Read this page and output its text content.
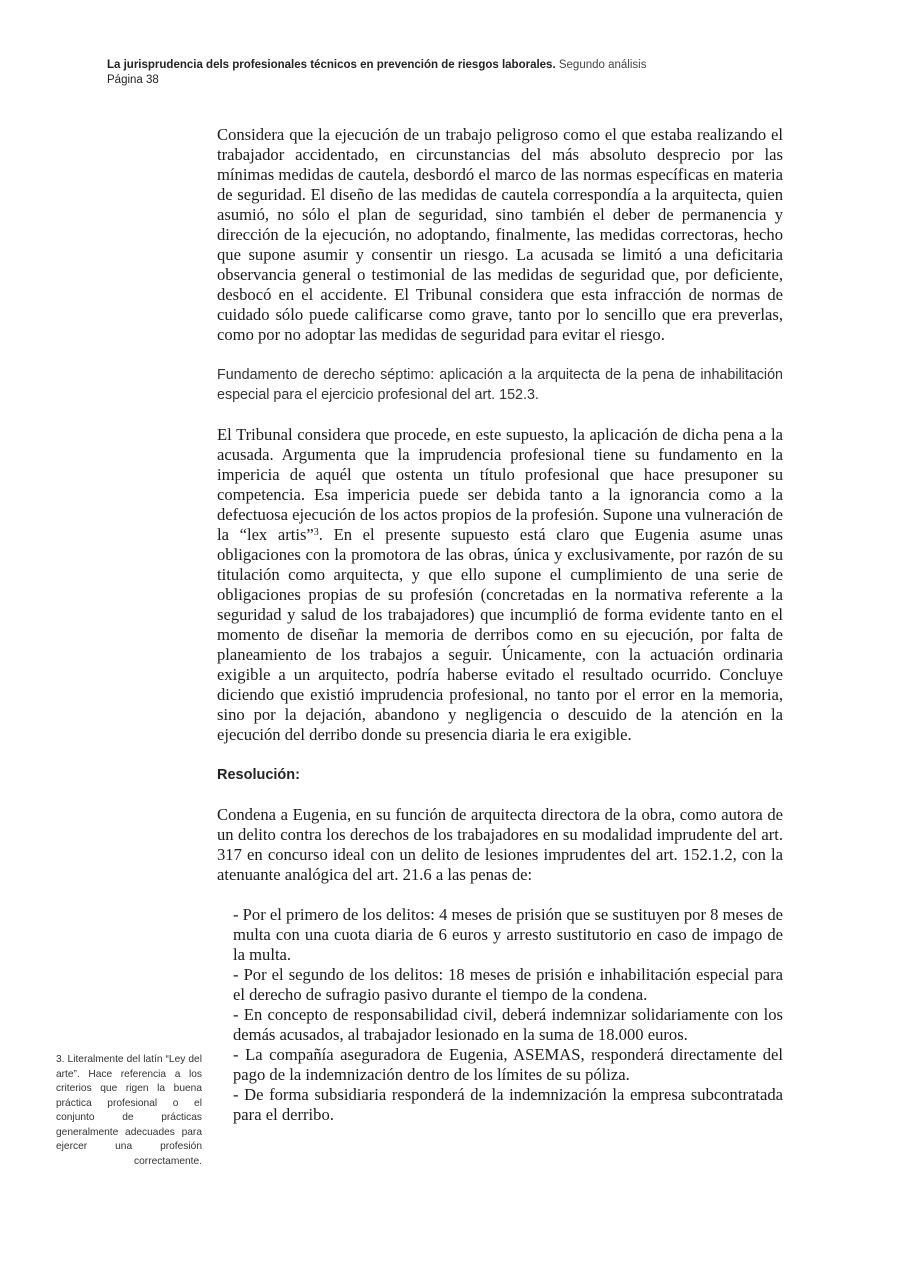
La jurisprudencia dels profesionales técnicos en prevención de riesgos laborales. Segundo análisis
Página 38

Considera que la ejecución de un trabajo peligroso como el que estaba realizando el trabajador accidentado, en circunstancias del más absoluto desprecio por las mínimas medidas de cautela, desbordó el marco de las normas específicas en materia de seguridad. El diseño de las medidas de cautela correspondía a la arquitecta, quien asumió, no sólo el plan de seguridad, sino también el deber de permanencia y dirección de la ejecución, no adoptando, finalmente, las medidas correctoras, hecho que supone asumir y consentir un riesgo. La acusada se limitó a una deficitaria observancia general o testimonial de las medidas de seguridad que, por deficiente, desbocó en el accidente. El Tribunal considera que esta infracción de normas de cuidado sólo puede calificarse como grave, tanto por lo sencillo que era preverlas, como por no adoptar las medidas de seguridad para evitar el riesgo.

Fundamento de derecho séptimo: aplicación a la arquitecta de la pena de inhabilitación especial para el ejercicio profesional del art. 152.3.

El Tribunal considera que procede, en este supuesto, la aplicación de dicha pena a la acusada. Argumenta que la imprudencia profesional tiene su fundamento en la impericia de aquél que ostenta un título profesional que hace presuponer su competencia. Esa impericia puede ser debida tanto a la ignorancia como a la defectuosa ejecución de los actos propios de la profesión. Supone una vulneración de la “lex artis”$^3$. En el presente supuesto está claro que Eugenia asume unas obligaciones con la promotora de las obras, única y exclusivamente, por razón de su titulación como arquitecta, y que ello supone el cumplimiento de una serie de obligaciones propias de su profesión (concretadas en la normativa referente a la seguridad y salud de los trabajadores) que incumplió de forma evidente tanto en el momento de diseñar la memoria de derribos como en su ejecución, por falta de planeamiento de los trabajos a seguir. Únicamente, con la actuación ordinaria exigible a un arquitecto, podría haberse evitado el resultado ocurrido. Concluye diciendo que existió imprudencia profesional, no tanto por el error en la memoria, sino por la dejación, abandono y negligencia o descuido de la atención en la ejecución del derribo donde su presencia diaria le era exigible.

Resolución:

Condena a Eugenia, en su función de arquitecta directora de la obra, como autora de un delito contra los derechos de los trabajadores en su modalidad imprudente del art. 317 en concurso ideal con un delito de lesiones imprudentes del art. 152.1.2, con la atenuante analógica del art. 21.6 a las penas de:

- Por el primero de los delitos: 4 meses de prisión que se sustituyen por 8 meses de multa con una cuota diaria de 6 euros y arresto sustitutorio en caso de impago de la multa.
- Por el segundo de los delitos: 18 meses de prisión e inhabilitación especial para el derecho de sufragio pasivo durante el tiempo de la condena.
- En concepto de responsabilidad civil, deberá indemnizar solidariamente con los demás acusados, al trabajador lesionado en la suma de 18.000 euros.
- La compañía aseguradora de Eugenia, ASEMAS, responderá directamente del pago de la indemnización dentro de los límites de su póliza.
- De forma subsidiaria responderá de la indemnización la empresa subcontratada para el derribo.
3. Literalmente del latín “Ley del arte”. Hace referencia a los criterios que rigen la buena práctica profesional o el conjunto de prácticas generalmente adecuades para ejercer una profesión correctamente.
